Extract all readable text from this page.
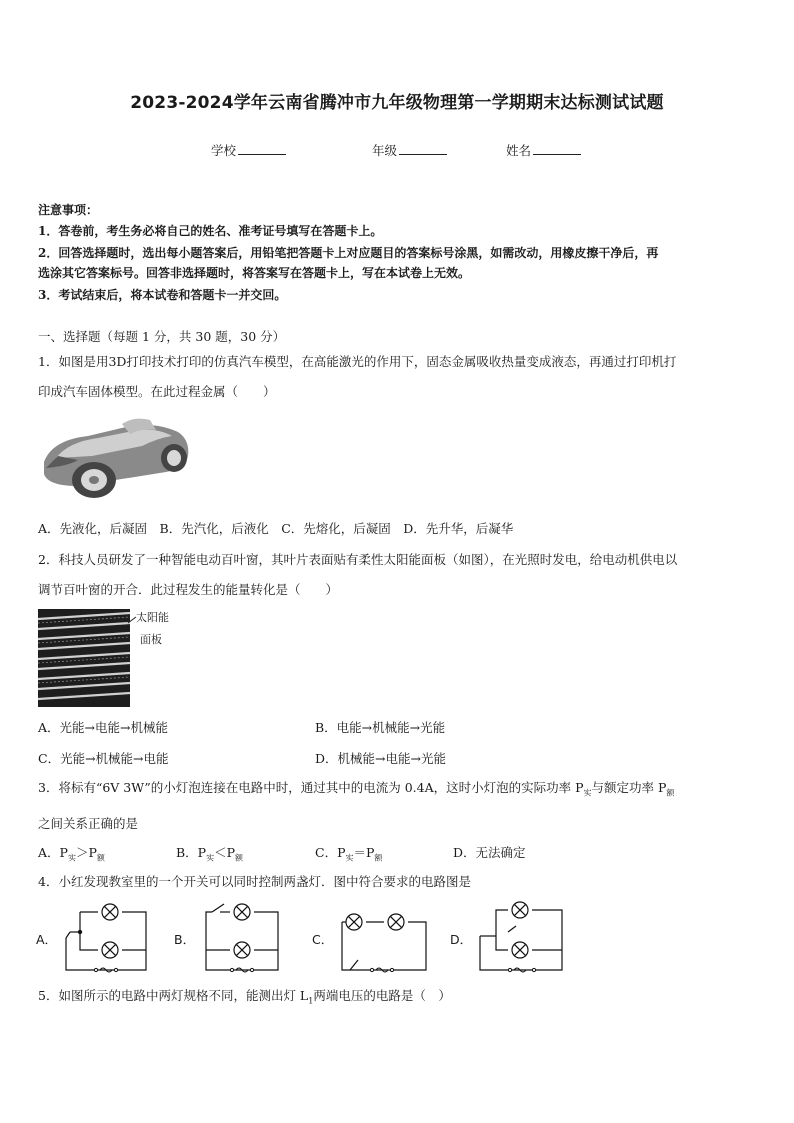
2023-2024学年云南省腾冲市九年级物理第一学期期末达标测试试题
学校	年级	姓名
注意事项：
1．答卷前，考生务必将自己的姓名、准考证号填写在答题卡上。
2．回答选择题时，选出每小题答案后，用铅笔把答题卡上对应题目的答案标号涂黑，如需改动，用橡皮擦干净后，再
选涂其它答案标号。回答非选择题时，将答案写在答题卡上，写在本试卷上无效。
3．考试结束后，将本试卷和答题卡一并交回。
一、选择题（每题 1 分，共 30 题，30 分）
1．如图是用3D打印技术打印的仿真汽车模型，在高能激光的作用下，固态金属吸收热量变成液态，再通过打印机打
印成汽车固体模型。在此过程金属（　　）
A．先液化，后凝固　B．先汽化，后液化　C．先熔化，后凝固　D．先升华，后凝华
2．科技人员研发了一种智能电动百叶窗，其叶片表面贴有柔性太阳能面板（如图），在光照时发电，给电动机供电以
调节百叶窗的开合．此过程发生的能量转化是（　　）
太阳能
面板
A．光能→电能→机械能	B．电能→机械能→光能
C．光能→机械能→电能	D．机械能→电能→光能
3．将标有“6V 3W”的小灯泡连接在电路中时，通过其中的电流为 0.4A，这时小灯泡的实际功率 $P_实$与额定功率 $P_额$
之间关系正确的是
A．$P_实>P_额$	B．$P_实<P_额$	C．$P_实=P_额$	D．无法确定
4．小红发现教室里的一个开关可以同时控制两盏灯．图中符合要求的电路图是
A．	B．	C．	D．
5．如图所示的电路中两灯规格不同，能测出灯 $L_1$两端电压的电路是（　）
